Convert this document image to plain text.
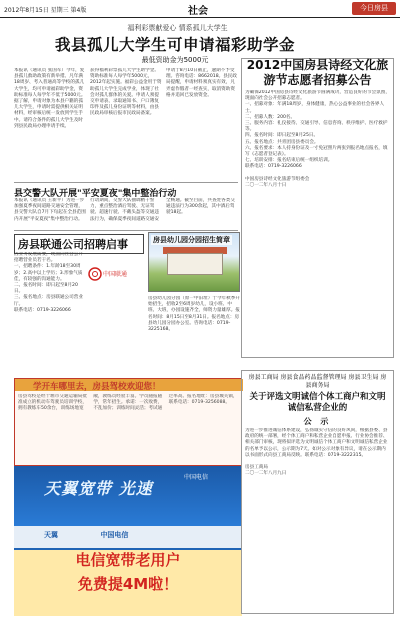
2012年8月15日 星期三 第4版	社会	今日房县
福利彩票献爱心 情系孤儿大学生
我县孤儿大学生可申请福彩助学金
最低资助金为5000元
本报讯（通讯员 张国军）今年，复县孤儿救助政策有新举措。凡年满18周岁、考入普通高等学校的孤儿大学生，均可申请福彩助学金，资助标准每人每学年不低于5000元。据了解，申请对象为本县户籍的孤儿大学生，申请时需提供相关证明材料，经审核后统一发放到学生手中。请符合条件的孤儿大学生及时到县民政局办理申请手续。
获得福利彩票孤儿大学生助学金。资助标准每人每学年5000元，2012年起实施。福彩公益金用于资助孤儿大学生完成学业，体现了社会对孤儿群体的关爱。申请人须提交申请表、录取通知书、户口簿复印件及孤儿身份证明等材料，由县民政局审核后报市民政局备案。
申请于8月10日截止，逾期不予受理。咨询电话：8662018。县民政局提醒，申请材料须真实有效，凡弄虚作假者一经查实，取消资助资格并追回已发放资金。
县交警大队开展"平安夏夜"集中整治行动
本报讯（通讯员 王新平）为进一步加强夏季夜间道路交通安全管理，县交警大队自7月下旬起在全县范围内开展"平安夏夜"集中整治行动。行动期间，交警大队抽调精干警力，重点整治酒后驾驶、无证驾驶、超速行驶、不戴头盔等交通违法行为，确保夏季夜间道路交通安全畅通。截至目前，共查处各类交通违法行为300余起，其中酒后驾驶18起。
房县联通公司招聘启事
因业务发展需要，现面向社会公开招聘营业员若干名。
一、招聘条件：1.年龄18至30周岁；2.高中以上学历；3.形象气质佳，有较强的沟通能力。
二、报名时间：即日起至8月20日。
三、报名地点：房县联通公司营业厅。
联系电话：0719-3226066
中国联通
房县幼儿园分园招生简章
房县幼儿园分园（原一中旧址）于今年秋季开始招生，招收2至6周岁幼儿，设小班、中班、大班，办园设施齐全，师资力量雄厚。报名时间：8月15日至8月31日。报名地点：房县幼儿园分园办公室。咨询电话：0719-3225168。
学开车哪里去，房县驾校欢迎您！
房县驾校是经十堰市交通运输局批准成立的机动车驾驶员培训学校，拥有教练车50余台，训练场地宽敞，教练员经验丰富。学员随报随学，常年招生。承诺：一次收费，不乱加价；训练时间灵活；考试通过率高。报名地址：房县城关镇，联系电话：0719-3256088。
天翼宽带 光速
中国电信
天翼	中国电信
电信宽带老用户
免费提4M啦！
2012中国房县诗经文化旅游节志愿者招募公告
为确保2012中国房县诗经文化旅游节圆满成功，营造良好的节会氛围，现面向社会公开招募志愿者。
一、招募对象：年满18周岁，身体健康，热心公益事业的社会各界人士。
二、招募人数：200名。
三、服务内容：礼仪接待、交通引导、信息咨询、秩序维护、医疗救护等。
四、报名时间：即日起至8月25日。
五、报名地点：共青团房县委员会。
六、报名要求：本人持身份证及一寸免冠照片两张到报名地点报名，填写《志愿者登记表》。
七、培训安排：报名结束后统一组织培训。
联系电话：0719-3226066

中国房县诗经文化旅游节组委会
二〇一二年八月十日
房县工商局 房县食品药品监督管理局 房县卫生局 房县商务局
关于评选文明诚信个体工商户和文明诚信私营企业的
公 示
为进一步推进诚信体系建设，弘扬诚实守信的良好风尚，根据县委、县政府的统一部署，经个体工商户和私营企业自愿申报、行业协会推荐、相关部门审核，现将拟评选为文明诚信个体工商户和文明诚信私营企业的名单予以公示，公示期为7天。如对公示对象有异议，请在公示期内以书面形式向县工商局反映。联系电话：0719-3222315。

房县工商局
二〇一二年八月九日
